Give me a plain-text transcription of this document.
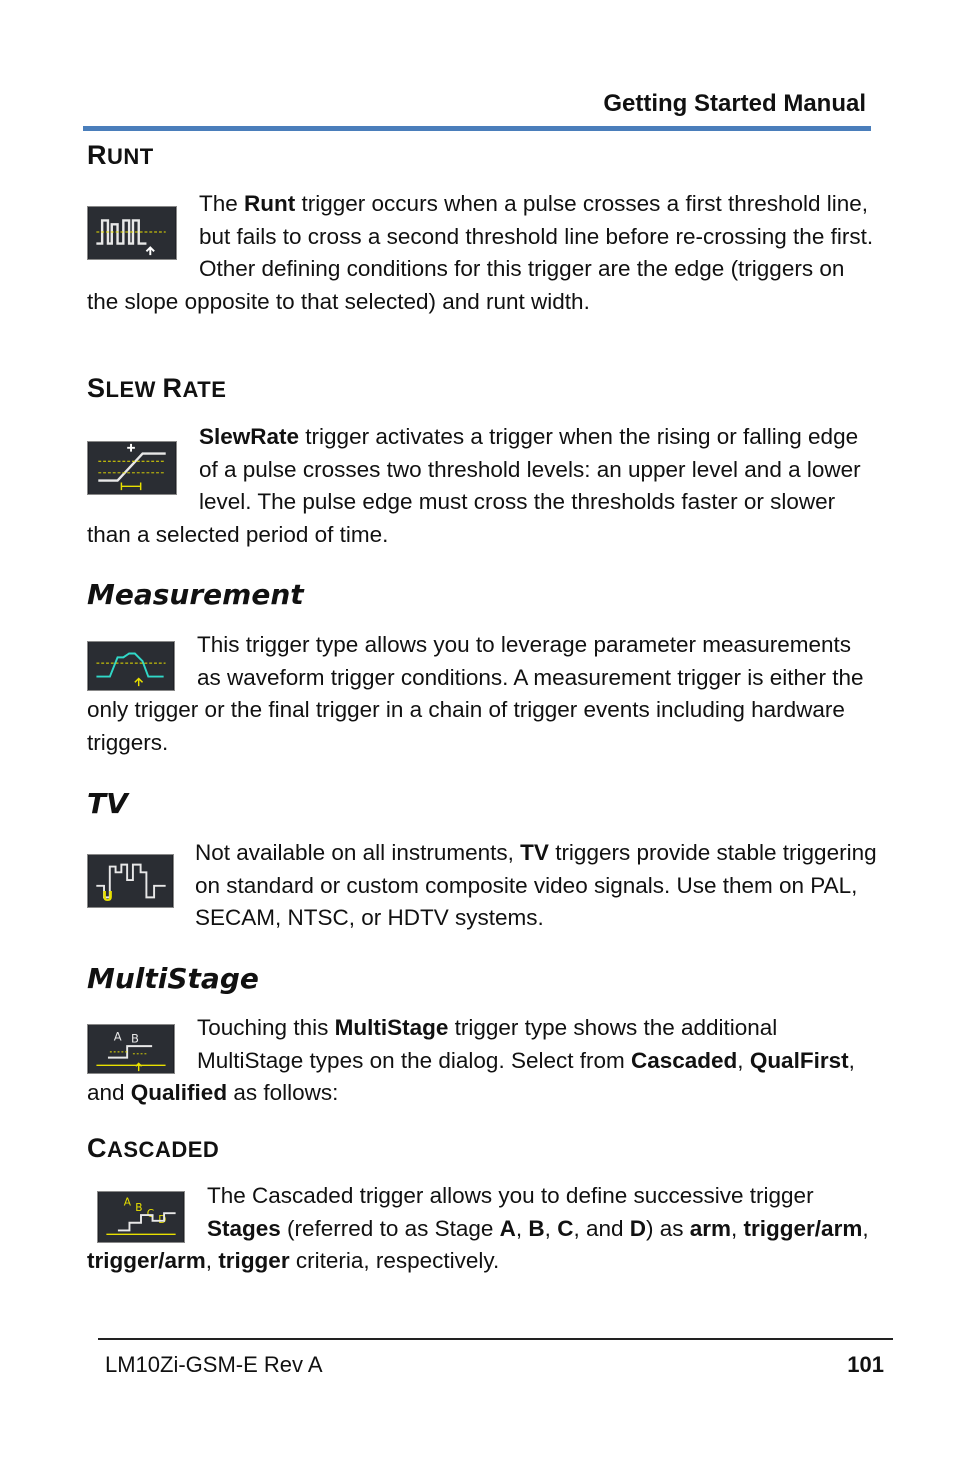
Getting Started Manual
RUNT

The Runt trigger occurs when a pulse crosses a first threshold line, but fails to cross a second threshold line before re-crossing the first. Other defining conditions for this trigger are the edge (triggers on the slope opposite to that selected) and runt width.

SLEW RATE

SlewRate trigger activates a trigger when the rising or falling edge of a pulse crosses two threshold levels: an upper level and a lower level. The pulse edge must cross the thresholds faster or slower than a selected period of time.

Measurement

This trigger type allows you to leverage parameter measurements as waveform trigger conditions. A measurement trigger is either the only trigger or the final trigger in a chain of trigger events including hardware triggers.

TV
U

Not available on all instruments, TV triggers provide stable triggering on standard or custom composite video signals. Use them on PAL, SECAM, NTSC, or HDTV systems.

MultiStage
A B	Touching this MultiStage trigger type shows the additional MultiStage types on the dialog. Select from Cascaded, QualFirst, and Qualified as follows:

CASCADED
A B C D

The Cascaded trigger allows you to define successive trigger Stages (referred to as Stage A, B, C, and D) as arm, trigger/arm, trigger/arm, trigger criteria, respectively.

LM10Zi-GSM-E Rev A	101
